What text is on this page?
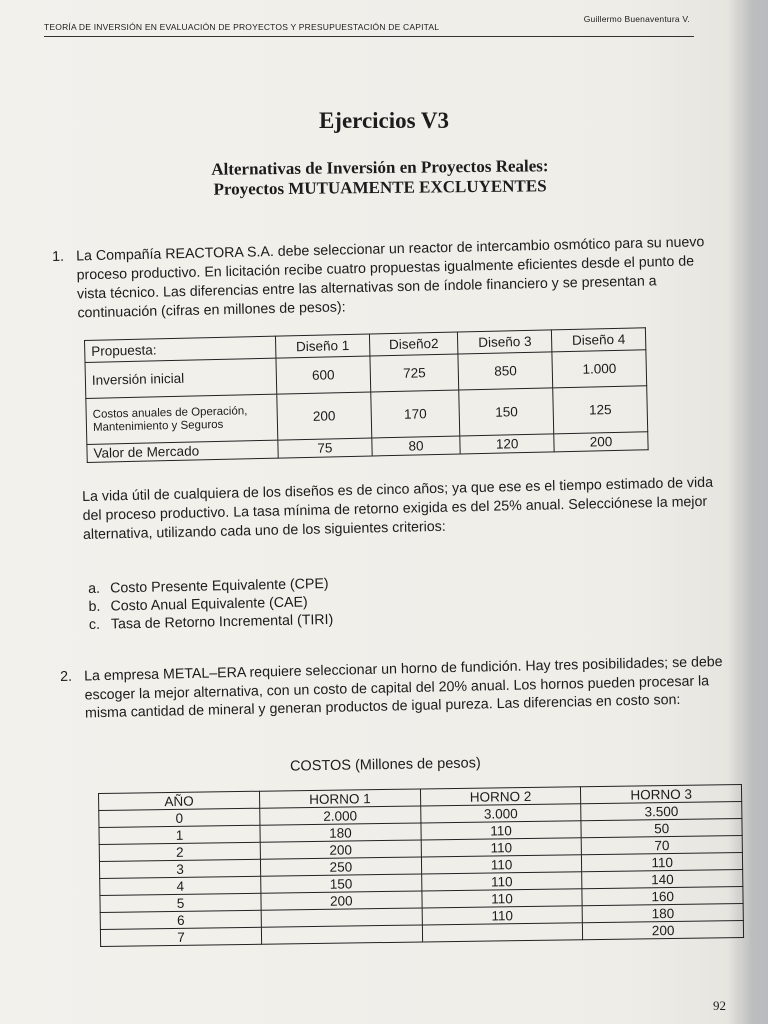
TEORÍA DE INVERSIÓN EN EVALUACIÓN DE PROYECTOS Y PRESUPUESTACIÓN DE CAPITAL
Guillermo Buenaventura V.
Ejercicios V3
Alternativas de Inversión en Proyectos Reales:
Proyectos MUTUAMENTE EXCLUYENTES
1. La Compañía REACTORA S.A. debe seleccionar un reactor de intercambio osmótico para su nuevo proceso productivo. En licitación recibe cuatro propuestas igualmente eficientes desde el punto de vista técnico. Las diferencias entre las alternativas son de índole financiero y se presentan a continuación (cifras en millones de pesos):
Propuesta:	Diseño 1	Diseño2	Diseño 3	Diseño 4
Inversión inicial	600	725	850	1.000
Costos anuales de Operación, Mantenimiento y Seguros	200	170	150	125
Valor de Mercado	75	80	120	200
La vida útil de cualquiera de los diseños es de cinco años; ya que ese es el tiempo estimado de vida del proceso productivo. La tasa mínima de retorno exigida es del 25% anual. Selecciónese la mejor alternativa, utilizando cada uno de los siguientes criterios:
a. Costo Presente Equivalente (CPE)
b. Costo Anual Equivalente (CAE)
c. Tasa de Retorno Incremental (TIRI)
2. La empresa METAL–ERA requiere seleccionar un horno de fundición. Hay tres posibilidades; se debe escoger la mejor alternativa, con un costo de capital del 20% anual. Los hornos pueden procesar la misma cantidad de mineral y generan productos de igual pureza. Las diferencias en costo son:
COSTOS (Millones de pesos)
AÑO	HORNO 1	HORNO 2	HORNO 3
0	2.000	3.000	3.500
1	180	110	50
2	200	110	70
3	250	110	110
4	150	110	140
5	200	110	160
6		110	180
7			200
92
